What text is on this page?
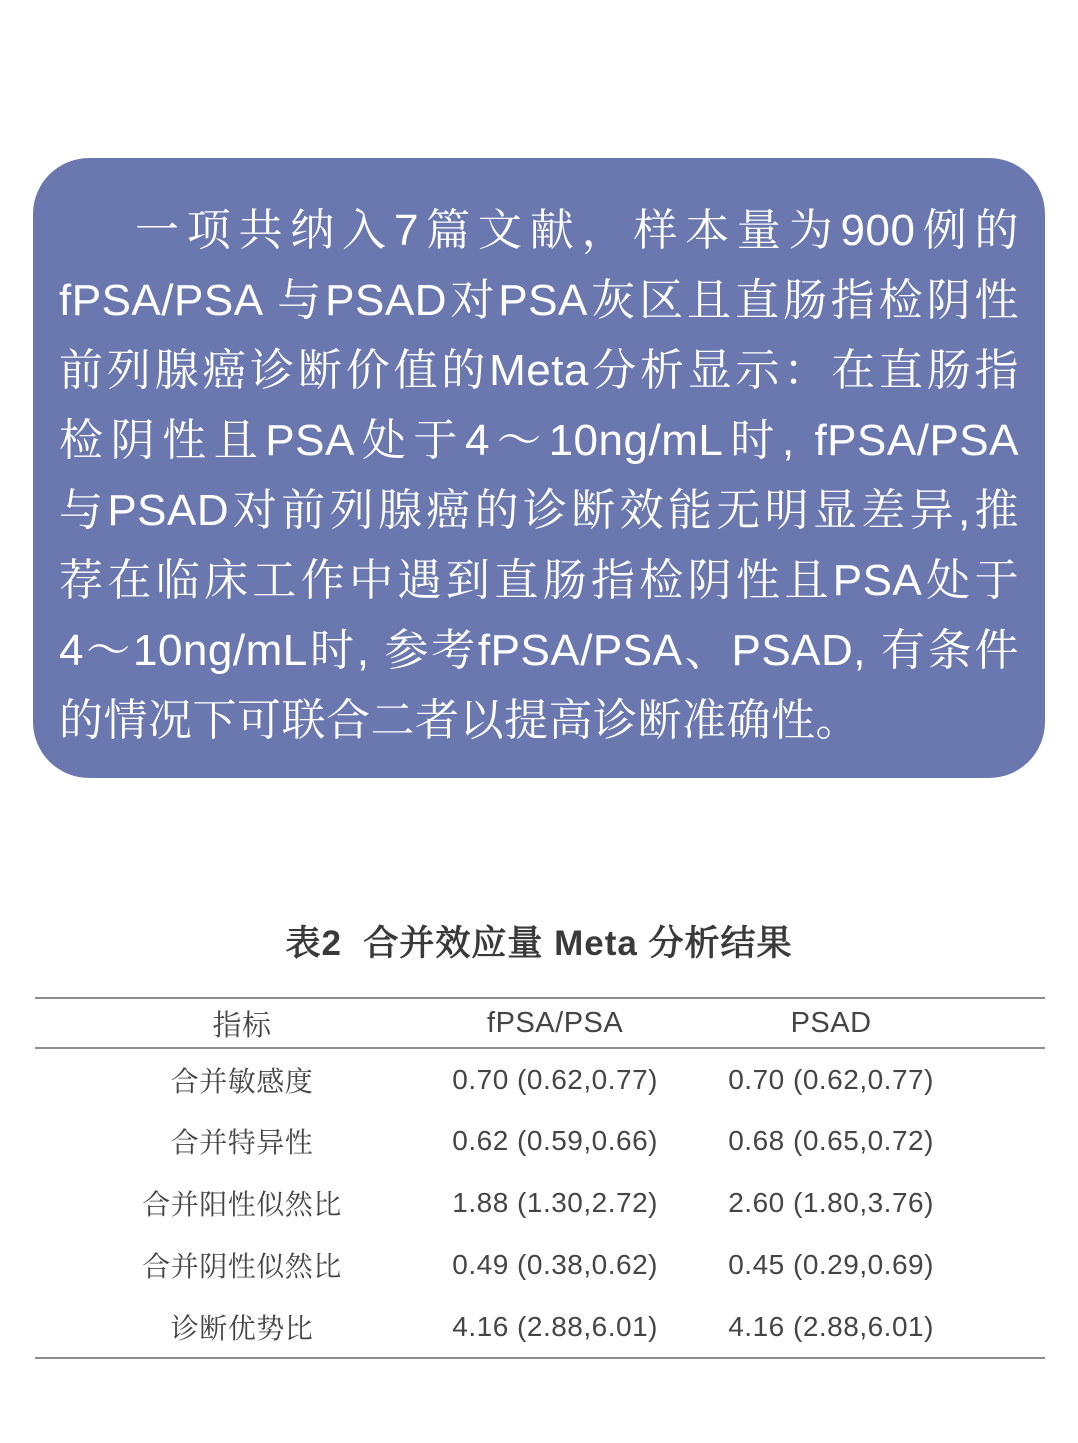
一项共纳入7篇文献，样本量为900例的

fPSA/PSA 与PSAD对PSA灰区且直肠指检阴性

前列腺癌诊断价值的Meta分析显示：在直肠指

检阴性且PSA处于4～10ng/mL时, fPSA/PSA

与PSAD对前列腺癌的诊断效能无明显差异,推

荐在临床工作中遇到直肠指检阴性且PSA处于

4～10ng/mL时, 参考fPSA/PSA、PSAD, 有条件

的情况下可联合二者以提高诊断准确性。

表2  合并效应量 Meta 分析结果
指标	fPSA/PSA	PSAD
合并敏感度	0.70 (0.62,0.77)	0.70 (0.62,0.77)
合并特异性	0.62 (0.59,0.66)	0.68 (0.65,0.72)
合并阳性似然比	1.88 (1.30,2.72)	2.60 (1.80,3.76)
合并阴性似然比	0.49 (0.38,0.62)	0.45 (0.29,0.69)
诊断优势比	4.16 (2.88,6.01)	4.16 (2.88,6.01)
